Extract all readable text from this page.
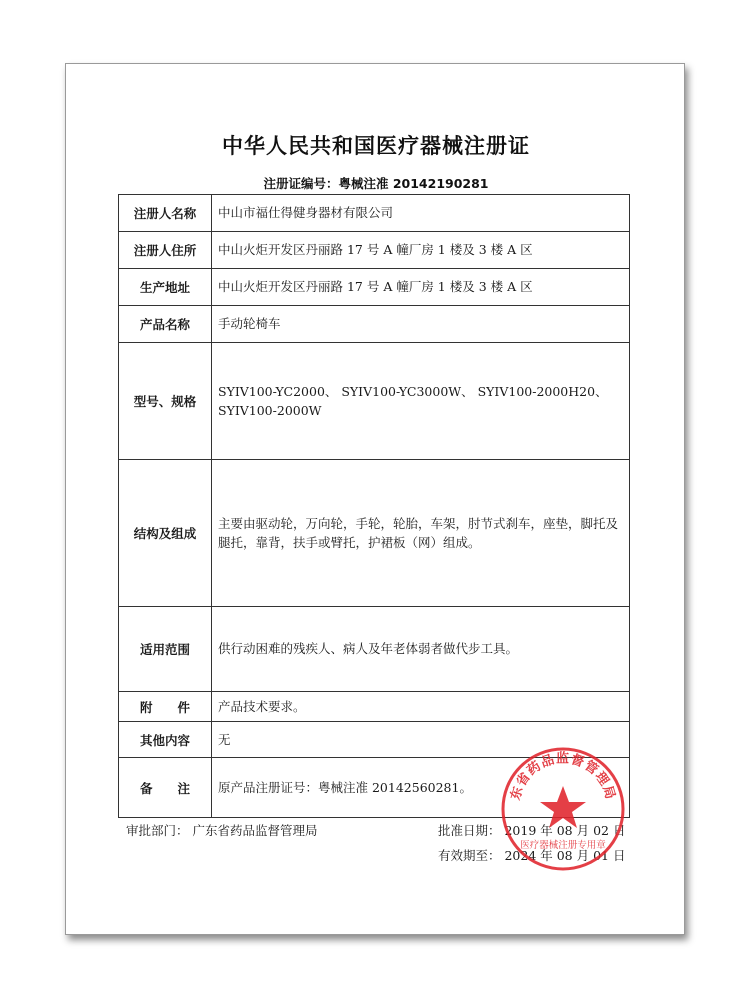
中华人民共和国医疗器械注册证
注册证编号：粤械注准 20142190281
注册人名称	中山市福仕得健身器材有限公司
注册人住所	中山火炬开发区丹丽路 17 号 A 幢厂房 1 楼及 3 楼 A 区
生产地址	中山火炬开发区丹丽路 17 号 A 幢厂房 1 楼及 3 楼 A 区
产品名称	手动轮椅车
型号、规格	SYIV100-YC2000、 SYIV100-YC3000W、 SYIV100-2000H20、 SYIV100-2000W
结构及组成	主要由驱动轮，万向轮，手轮，轮胎，车架，肘节式刹车，座垫，脚托及腿托，靠背，扶手或臂托，护裙板（网）组成。
适用范围	供行动困难的残疾人、病人及年老体弱者做代步工具。
附　　件	产品技术要求。
其他内容	无
备　　注	原产品注册证号：粤械注准 20142560281。
审批部门： 广东省药品监督管理局	批准日期： 2019 年 08 月 02 日
有效期至： 2024 年 08 月 01 日
东省药品监督管理局
医疗器械注册专用章
